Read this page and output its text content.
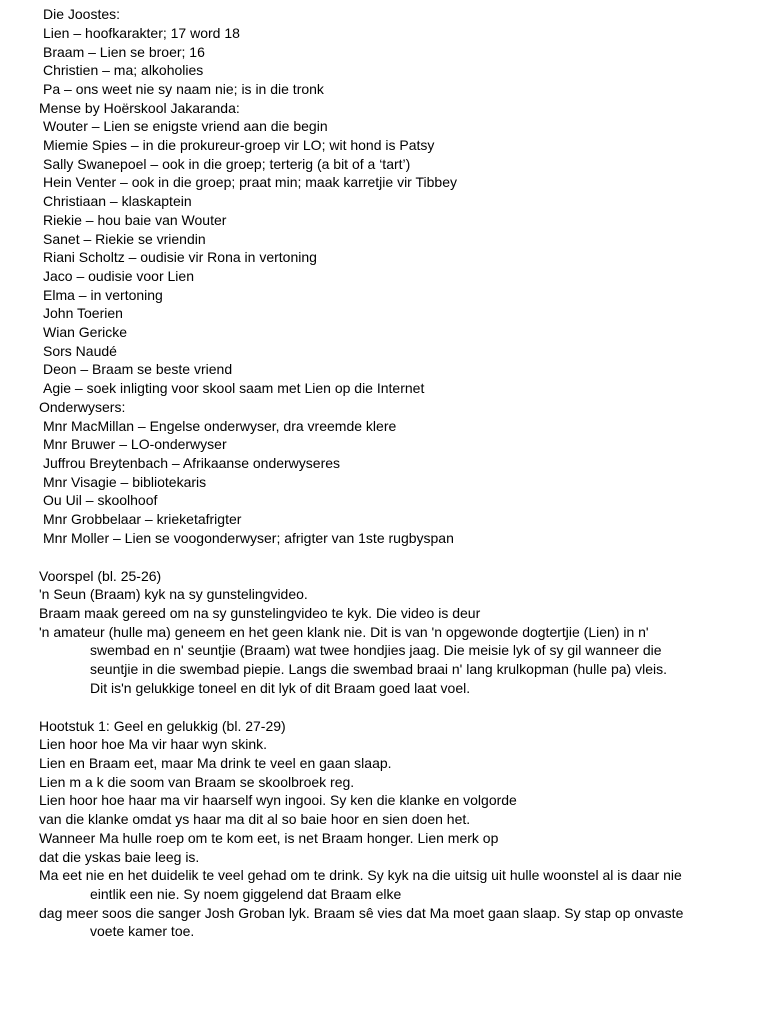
Die Joostes:
Lien – hoofkarakter; 17 word 18
Braam – Lien se broer; 16
Christien – ma; alkoholies
Pa – ons weet nie sy naam nie; is in die tronk
Mense by Hoërskool Jakaranda:
Wouter – Lien se enigste vriend aan die begin
Miemie Spies – in die prokureur-groep vir LO; wit hond is Patsy
Sally Swanepoel – ook in die groep; terterig (a bit of a ‘tart’)
Hein Venter – ook in die groep; praat min; maak karretjie vir Tibbey
Christiaan – klaskaptein
Riekie – hou baie van Wouter
Sanet – Riekie se vriendin
Riani Scholtz – oudisie vir Rona in vertoning
Jaco – oudisie voor Lien
Elma – in vertoning
John Toerien
Wian Gericke
Sors Naudé
Deon – Braam se beste vriend
Agie – soek inligting voor skool saam met Lien op die Internet
Onderwysers:
Mnr MacMillan – Engelse onderwyser, dra vreemde klere
Mnr Bruwer – LO-onderwyser
Juffrou Breytenbach – Afrikaanse onderwyseres
Mnr Visagie – bibliotekaris
Ou Uil – skoolhoof
Mnr Grobbelaar – krieketafrigter
Mnr Moller – Lien se voogonderwyser; afrigter van 1ste rugbyspan
Voorspel (bl. 25-26)
'n Seun (Braam) kyk na sy gunstelingvideo.
Braam maak gereed om na sy gunstelingvideo te kyk. Die video is deur
'n amateur (hulle ma) geneem en het geen klank nie. Dit is van 'n opgewonde dogtertjie (Lien) in n'
swembad en n' seuntjie (Braam) wat twee hondjies jaag. Die meisie lyk of sy gil wanneer die
seuntjie in die swembad piepie. Langs die swembad braai n' lang krulkopman (hulle pa) vleis.
Dit is'n gelukkige toneel en dit lyk of dit Braam goed laat voel.
Hootstuk 1: Geel en gelukkig (bl. 27-29)
Lien hoor hoe Ma vir haar wyn skink.
Lien en Braam eet, maar Ma drink te veel en gaan slaap.
Lien m a k die soom van Braam se skoolbroek reg.
Lien hoor hoe haar ma vir haarself wyn ingooi. Sy ken die klanke en volgorde
van die klanke omdat ys haar ma dit al so baie hoor en sien doen het.
Wanneer Ma hulle roep om te kom eet, is net Braam honger. Lien merk op
dat die yskas baie leeg is.
Ma eet nie en het duidelik te veel gehad om te drink. Sy kyk na die uitsig uit hulle woonstel al is daar nie
eintlik een nie. Sy noem giggelend dat Braam elke
dag meer soos die sanger Josh Groban lyk. Braam sê vies dat Ma moet gaan slaap. Sy stap op onvaste
voete kamer toe.
